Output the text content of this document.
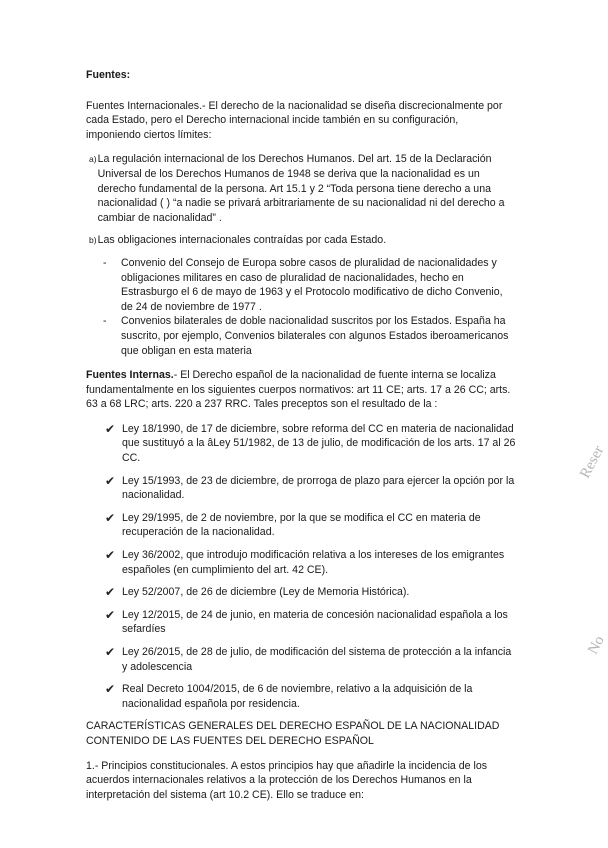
Fuentes:

Fuentes Internacionales.- El derecho de la nacionalidad se diseña discrecionalmente por cada Estado, pero el Derecho internacional incide también en su configuración, imponiendo ciertos límites:

a) La regulación internacional de los Derechos Humanos. Del art. 15 de la Declaración Universal de los Derechos Humanos de 1948 se deriva que la nacionalidad es un derecho fundamental de la persona. Art 15.1 y 2 “Toda persona tiene derecho a una nacionalidad ( ) “a nadie se privará arbitrariamente de su nacionalidad ni del derecho a cambiar de nacionalidad” .
b) Las obligaciones internacionales contraídas por cada Estado.
-	Convenio del Consejo de Europa sobre casos de pluralidad de nacionalidades y obligaciones militares en caso de pluralidad de nacionalidades, hecho en Estrasburgo el 6 de mayo de 1963 y el Protocolo modificativo de dicho Convenio, de 24 de noviembre de 1977 .
-	Convenios bilaterales de doble nacionalidad suscritos por los Estados. España ha suscrito, por ejemplo, Convenios bilaterales con algunos Estados iberoamericanos que obligan en esta materia

Fuentes Internas.- El Derecho español de la nacionalidad de fuente interna se localiza fundamentalmente en los siguientes cuerpos normativos: art 11 CE; arts. 17 a 26 CC; arts. 63 a 68 LRC; arts. 220 a 237 RRC. Tales preceptos son el resultado de la :

✔ Ley 18/1990, de 17 de diciembre, sobre reforma del CC en materia de nacionalidad que sustituyó a la âLey 51/1982, de 13 de julio, de modificación de los arts. 17 al 26 CC.
✔ Ley 15/1993, de 23 de diciembre, de prorroga de plazo para ejercer la opción por la nacionalidad.
✔ Ley 29/1995, de 2 de noviembre, por la que se modifica el CC en materia de recuperación de la nacionalidad.
✔ Ley 36/2002, que introdujo modificación relativa a los intereses de los emigrantes españoles (en cumplimiento del art. 42 CE).
✔ Ley 52/2007, de 26 de diciembre (Ley de Memoria Histórica).
✔ Ley 12/2015, de 24 de junio, en materia de concesión nacionalidad española a los sefardíes
✔ Ley 26/2015, de 28 de julio, de modificación del sistema de protección a la infancia y adolescencia
✔ Real Decreto 1004/2015, de 6 de noviembre, relativo a la adquisición de la nacionalidad española por residencia.

CARACTERÍSTICAS GENERALES DEL DERECHO ESPAÑOL DE LA NACIONALIDAD CONTENIDO DE LAS FUENTES DEL DERECHO ESPAÑOL

1.- Principios constitucionales. A estos principios hay que añadirle la incidencia de los acuerdos internacionales relativos a la protección de los Derechos Humanos en la interpretación del sistema (art 10.2 CE). Ello se traduce en:

Reser
No
